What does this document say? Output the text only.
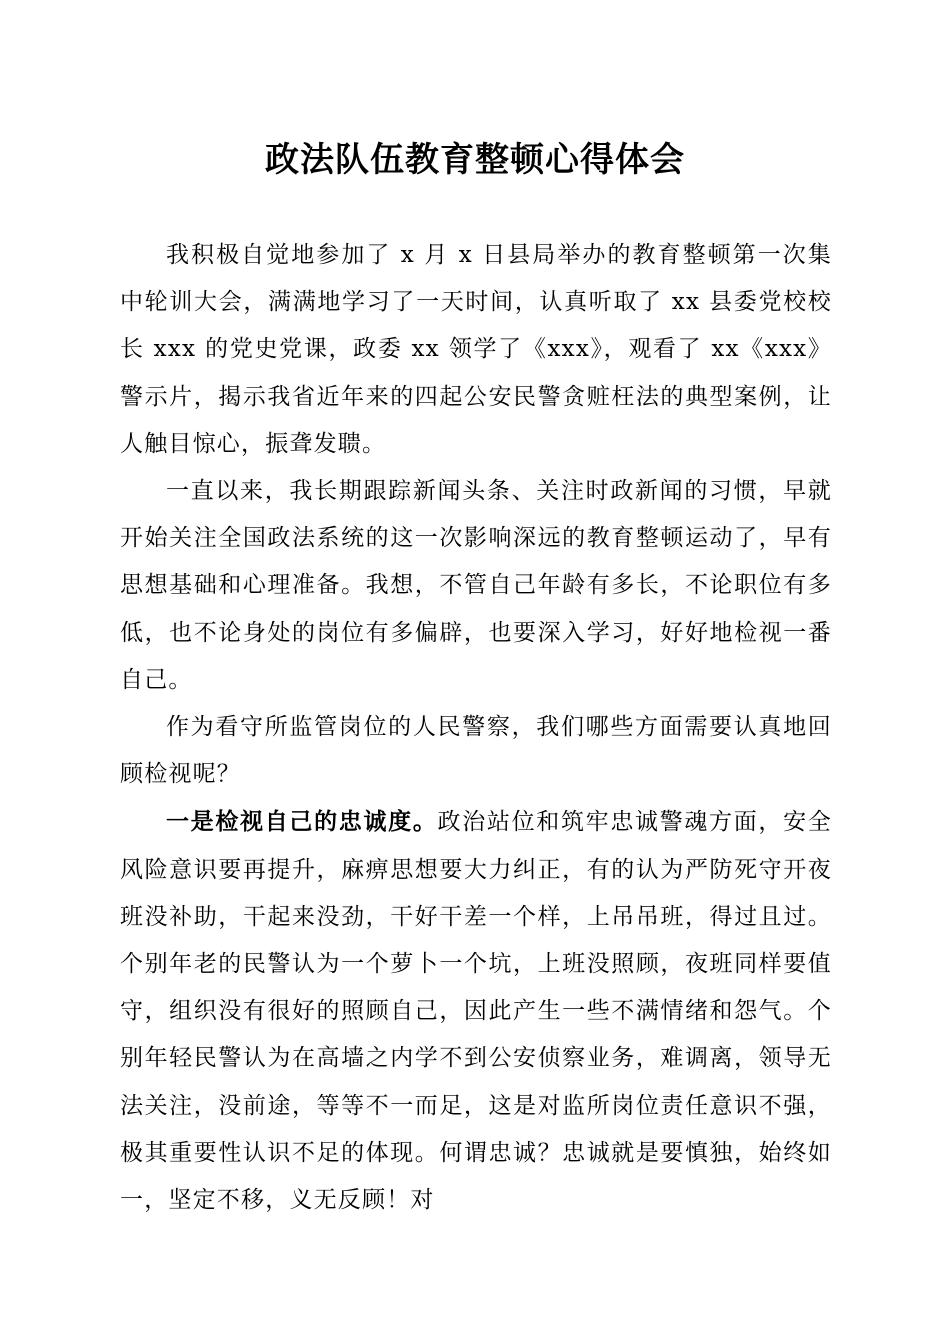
政法队伍教育整顿心得体会

我积极自觉地参加了 x 月 x 日县局举办的教育整顿第一次集中轮训大会，满满地学习了一天时间，认真听取了 xx 县委党校校长 xxx 的党史党课，政委 xx 领学了《xxx》，观看了 xx《xxx》警示片，揭示我省近年来的四起公安民警贪赃枉法的典型案例，让人触目惊心，振聋发聩。

一直以来，我长期跟踪新闻头条、关注时政新闻的习惯，早就开始关注全国政法系统的这一次影响深远的教育整顿运动了，早有思想基础和心理准备。我想，不管自己年龄有多长，不论职位有多低，也不论身处的岗位有多偏辟，也要深入学习，好好地检视一番自己。

作为看守所监管岗位的人民警察，我们哪些方面需要认真地回顾检视呢？

一是检视自己的忠诚度。政治站位和筑牢忠诚警魂方面，安全风险意识要再提升，麻痹思想要大力纠正，有的认为严防死守开夜班没补助，干起来没劲，干好干差一个样，上吊吊班，得过且过。个别年老的民警认为一个萝卜一个坑，上班没照顾，夜班同样要值守，组织没有很好的照顾自己，因此产生一些不满情绪和怨气。个别年轻民警认为在高墙之内学不到公安侦察业务，难调离，领导无法关注，没前途，等等不一而足，这是对监所岗位责任意识不强，极其重要性认识不足的体现。何谓忠诚？忠诚就是要慎独，始终如一，坚定不移，义无反顾！对
